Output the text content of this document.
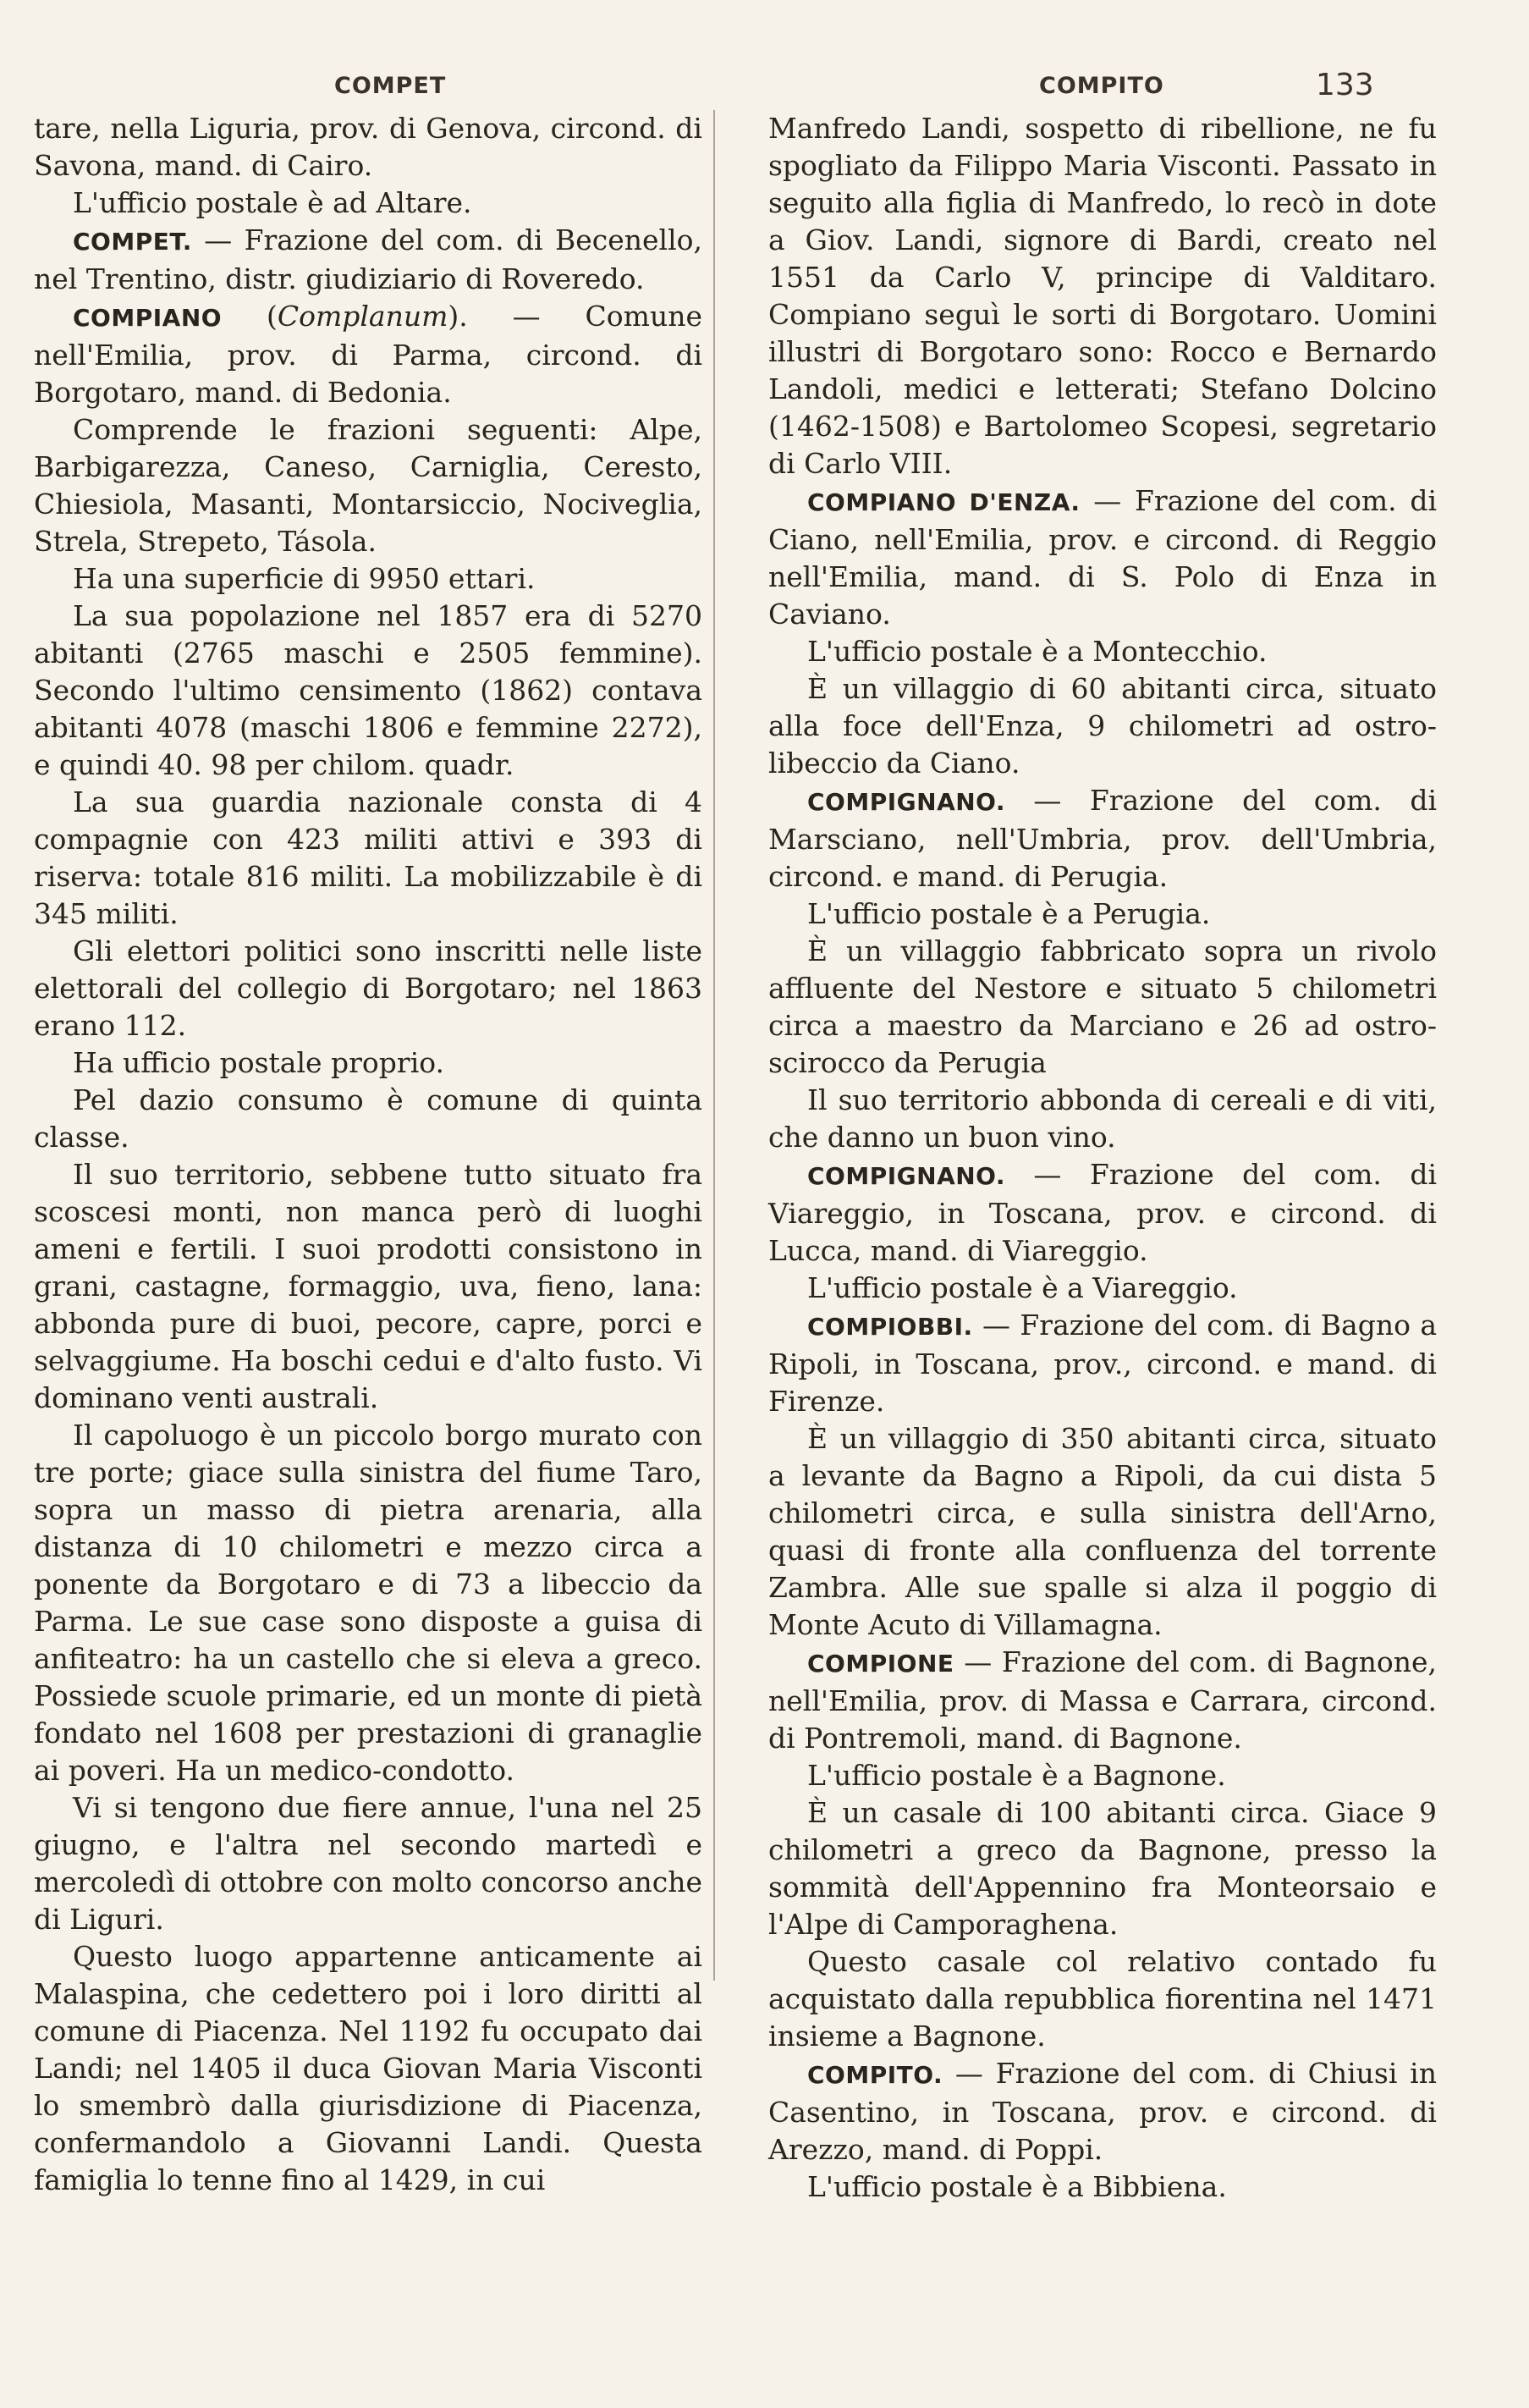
COMPET	COMPITO	133

tare, nella Liguria, prov. di Genova, circond. di Savona, mand. di Cairo.

L'ufficio postale è ad Altare.

COMPET. — Frazione del com. di Becenello, nel Trentino, distr. giudiziario di Roveredo.

COMPIANO (Complanum). — Comune nell'Emilia, prov. di Parma, circond. di Borgotaro, mand. di Bedonia.

Comprende le frazioni seguenti: Alpe, Barbigarezza, Caneso, Carniglia, Ceresto, Chiesiola, Masanti, Montarsiccio, Nociveglia, Strela, Strepeto, Tásola.

Ha una superficie di 9950 ettari.

La sua popolazione nel 1857 era di 5270 abitanti (2765 maschi e 2505 femmine). Secondo l'ultimo censimento (1862) contava abitanti 4078 (maschi 1806 e femmine 2272), e quindi 40. 98 per chilom. quadr.

La sua guardia nazionale consta di 4 compagnie con 423 militi attivi e 393 di riserva: totale 816 militi. La mobilizzabile è di 345 militi.

Gli elettori politici sono inscritti nelle liste elettorali del collegio di Borgotaro; nel 1863 erano 112.

Ha ufficio postale proprio.

Pel dazio consumo è comune di quinta classe.

Il suo territorio, sebbene tutto situato fra scoscesi monti, non manca però di luoghi ameni e fertili. I suoi prodotti consistono in grani, castagne, formaggio, uva, fieno, lana: abbonda pure di buoi, pecore, capre, porci e selvaggiume. Ha boschi cedui e d'alto fusto. Vi dominano venti australi.

Il capoluogo è un piccolo borgo murato con tre porte; giace sulla sinistra del fiume Taro, sopra un masso di pietra arenaria, alla distanza di 10 chilometri e mezzo circa a ponente da Borgotaro e di 73 a libeccio da Parma. Le sue case sono disposte a guisa di anfiteatro: ha un castello che si eleva a greco. Possiede scuole primarie, ed un monte di pietà fondato nel 1608 per prestazioni di granaglie ai poveri. Ha un medico-condotto.

Vi si tengono due fiere annue, l'una nel 25 giugno, e l'altra nel secondo martedì e mercoledì di ottobre con molto concorso anche di Liguri.

Questo luogo appartenne anticamente ai Malaspina, che cedettero poi i loro diritti al comune di Piacenza. Nel 1192 fu occupato dai Landi; nel 1405 il duca Giovan Maria Visconti lo smembrò dalla giurisdizione di Piacenza, confermandolo a Giovanni Landi. Questa famiglia lo tenne fino al 1429, in cui

Manfredo Landi, sospetto di ribellione, ne fu spogliato da Filippo Maria Visconti. Passato in seguito alla figlia di Manfredo, lo recò in dote a Giov. Landi, signore di Bardi, creato nel 1551 da Carlo V, principe di Valditaro. Compiano seguì le sorti di Borgotaro. Uomini illustri di Borgotaro sono: Rocco e Bernardo Landoli, medici e letterati; Stefano Dolcino (1462-1508) e Bartolomeo Scopesi, segretario di Carlo VIII.

COMPIANO D'ENZA. — Frazione del com. di Ciano, nell'Emilia, prov. e circond. di Reggio nell'Emilia, mand. di S. Polo di Enza in Caviano.

L'ufficio postale è a Montecchio.

È un villaggio di 60 abitanti circa, situato alla foce dell'Enza, 9 chilometri ad ostro-libeccio da Ciano.

COMPIGNANO. — Frazione del com. di Marsciano, nell'Umbria, prov. dell'Umbria, circond. e mand. di Perugia.

L'ufficio postale è a Perugia.

È un villaggio fabbricato sopra un rivolo affluente del Nestore e situato 5 chilometri circa a maestro da Marciano e 26 ad ostro-scirocco da Perugia

Il suo territorio abbonda di cereali e di viti, che danno un buon vino.

COMPIGNANO. — Frazione del com. di Viareggio, in Toscana, prov. e circond. di Lucca, mand. di Viareggio.

L'ufficio postale è a Viareggio.

COMPIOBBI. — Frazione del com. di Bagno a Ripoli, in Toscana, prov., circond. e mand. di Firenze.

È un villaggio di 350 abitanti circa, situato a levante da Bagno a Ripoli, da cui dista 5 chilometri circa, e sulla sinistra dell'Arno, quasi di fronte alla confluenza del torrente Zambra. Alle sue spalle si alza il poggio di Monte Acuto di Villamagna.

COMPIONE — Frazione del com. di Bagnone, nell'Emilia, prov. di Massa e Carrara, circond. di Pontremoli, mand. di Bagnone.

L'ufficio postale è a Bagnone.

È un casale di 100 abitanti circa. Giace 9 chilometri a greco da Bagnone, presso la sommità dell'Appennino fra Monteorsaio e l'Alpe di Camporaghena.

Questo casale col relativo contado fu acquistato dalla repubblica fiorentina nel 1471 insieme a Bagnone.

COMPITO. — Frazione del com. di Chiusi in Casentino, in Toscana, prov. e circond. di Arezzo, mand. di Poppi.

L'ufficio postale è a Bibbiena.
